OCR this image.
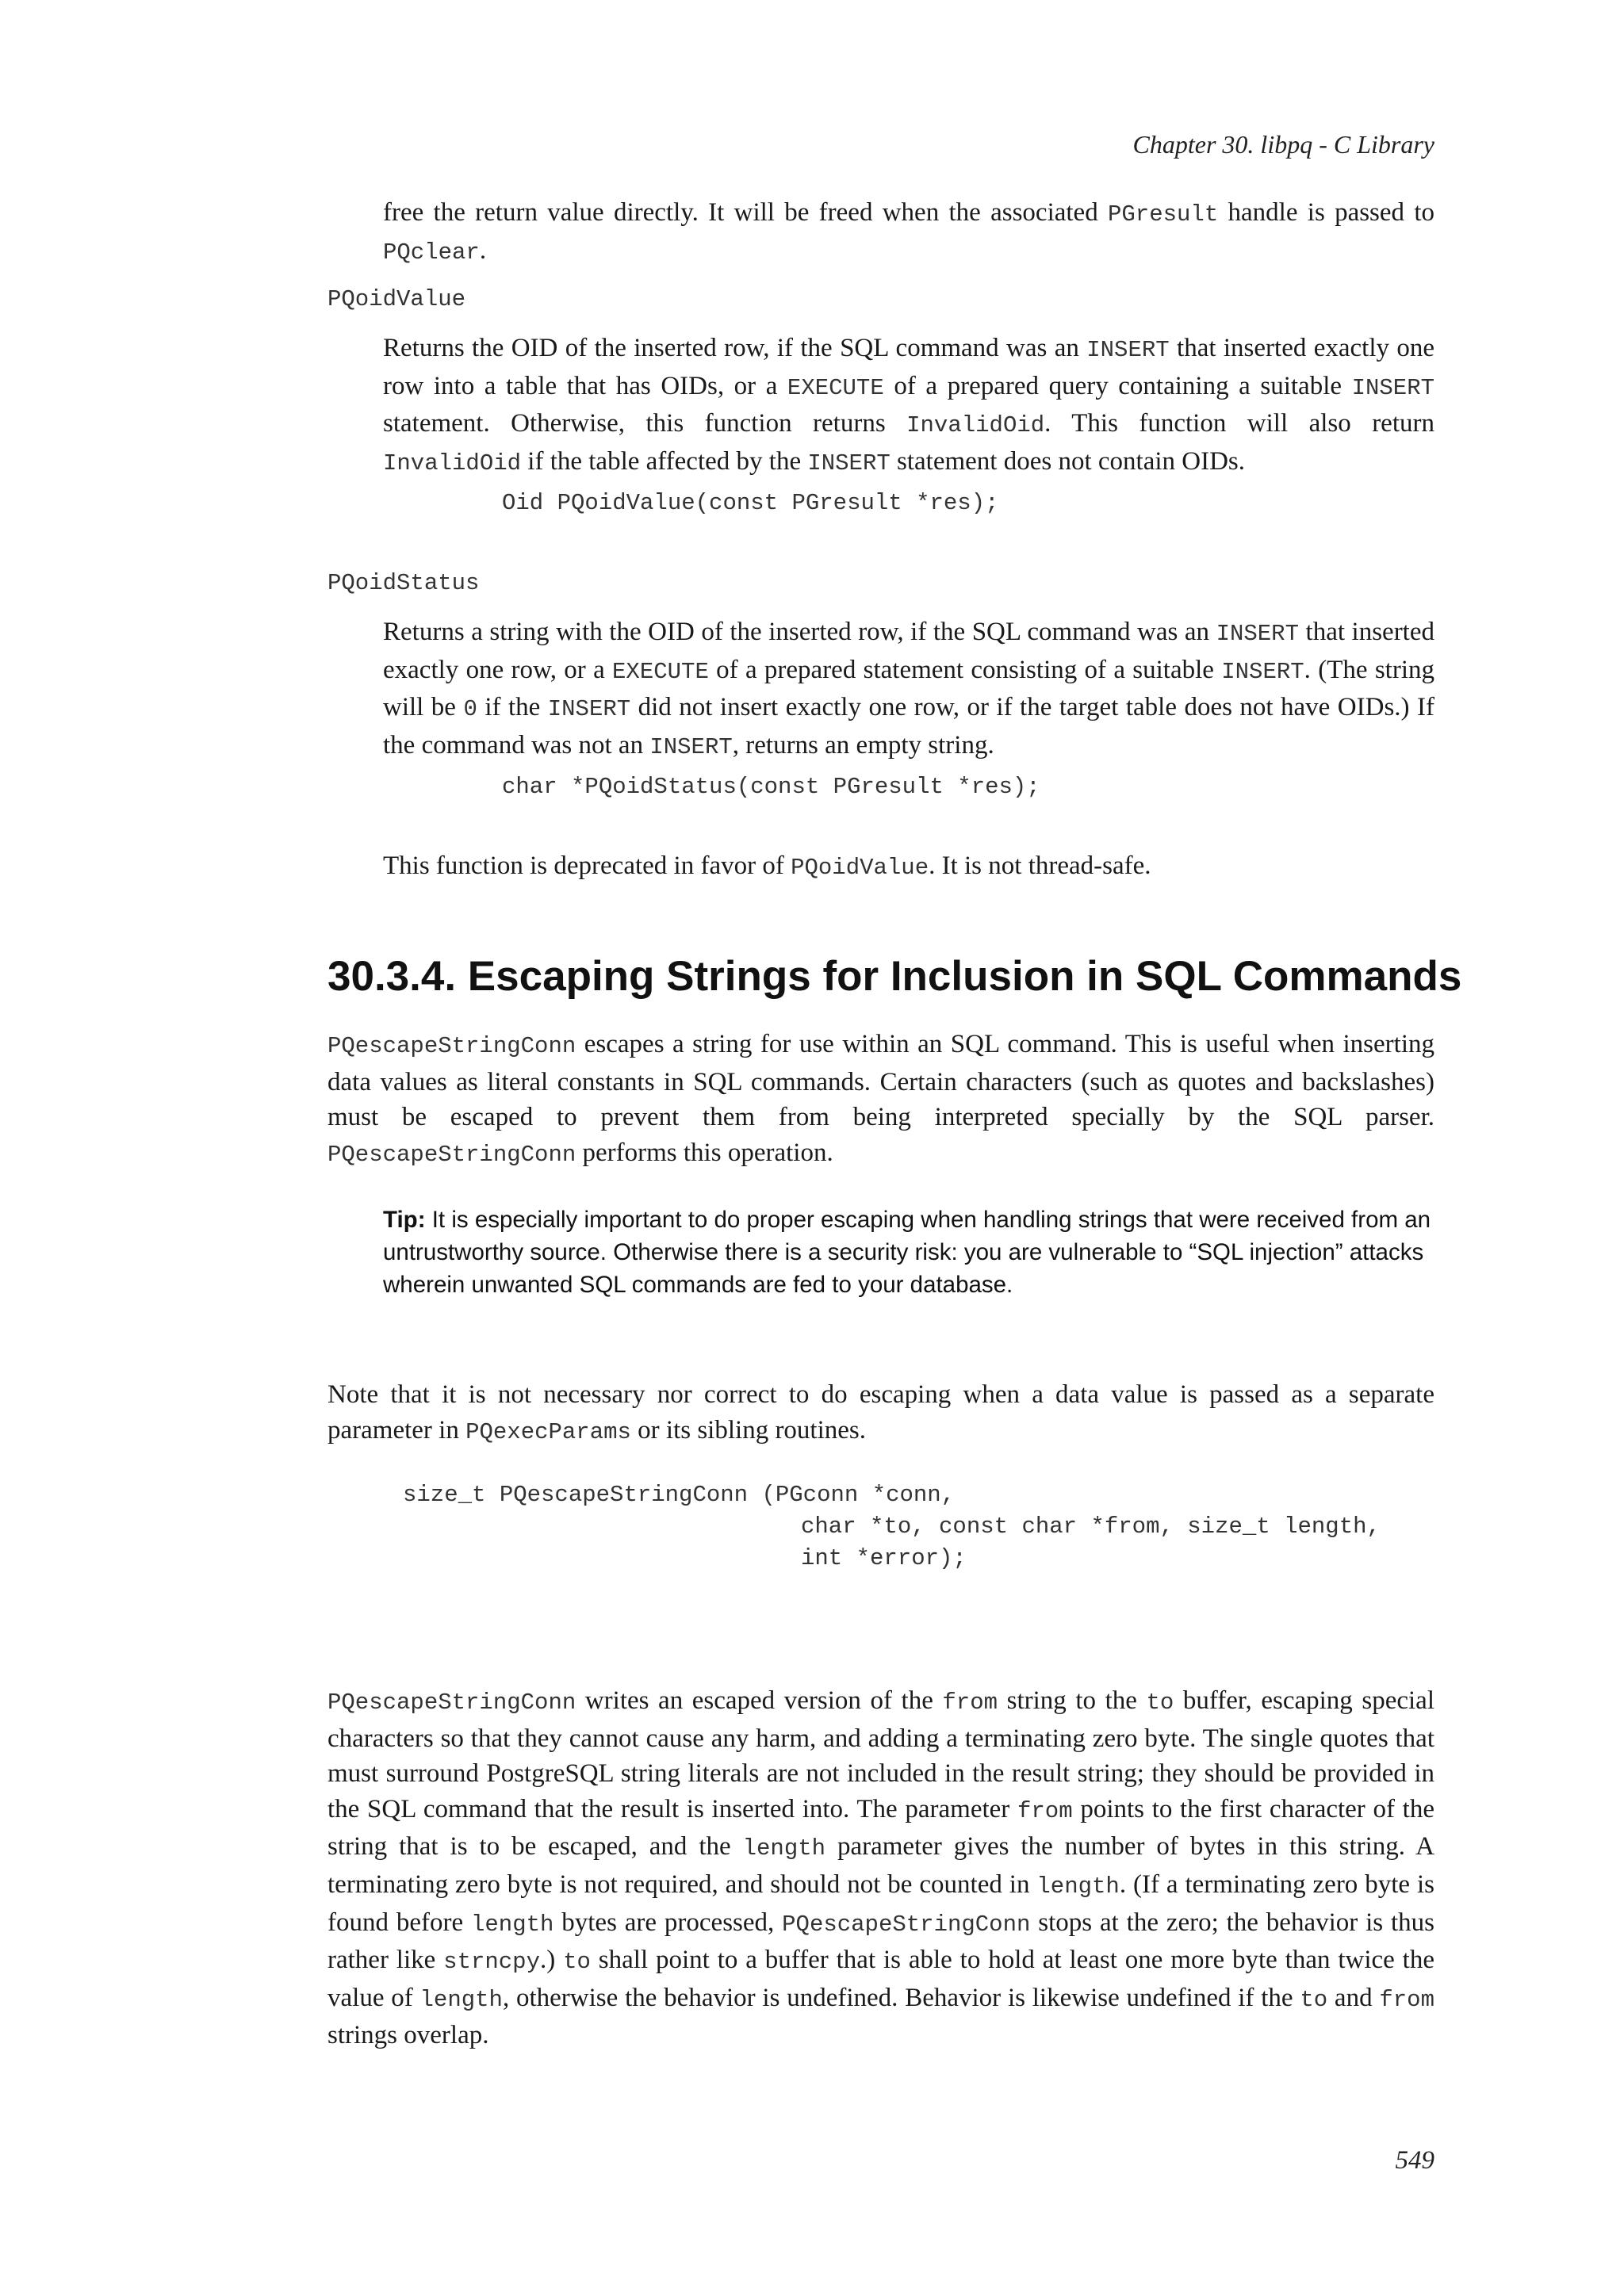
Chapter 30. libpq - C Library

free the return value directly. It will be freed when the associated PGresult handle is passed to PQclear.

PQoidValue

Returns the OID of the inserted row, if the SQL command was an INSERT that inserted exactly one row into a table that has OIDs, or a EXECUTE of a prepared query containing a suitable INSERT statement. Otherwise, this function returns InvalidOid. This function will also return InvalidOid if the table affected by the INSERT statement does not contain OIDs.

Oid PQoidValue(const PGresult *res);
PQoidStatus

Returns a string with the OID of the inserted row, if the SQL command was an INSERT that inserted exactly one row, or a EXECUTE of a prepared statement consisting of a suitable INSERT. (The string will be 0 if the INSERT did not insert exactly one row, or if the target table does not have OIDs.) If the command was not an INSERT, returns an empty string.

char *PQoidStatus(const PGresult *res);

This function is deprecated in favor of PQoidValue. It is not thread-safe.

30.3.4. Escaping Strings for Inclusion in SQL Commands

PQescapeStringConn escapes a string for use within an SQL command. This is useful when inserting data values as literal constants in SQL commands. Certain characters (such as quotes and backslashes) must be escaped to prevent them from being interpreted specially by the SQL parser. PQescapeStringConn performs this operation.

Tip: It is especially important to do proper escaping when handling strings that were received from an untrustworthy source. Otherwise there is a security risk: you are vulnerable to “SQL injection” attacks wherein unwanted SQL commands are fed to your database.

Note that it is not necessary nor correct to do escaping when a data value is passed as a separate parameter in PQexecParams or its sibling routines.

size_t PQescapeStringConn (PGconn *conn,
char *to, const char *from, size_t length,
int *error);

PQescapeStringConn writes an escaped version of the from string to the to buffer, escaping special characters so that they cannot cause any harm, and adding a terminating zero byte. The single quotes that must surround PostgreSQL string literals are not included in the result string; they should be provided in the SQL command that the result is inserted into. The parameter from points to the first character of the string that is to be escaped, and the length parameter gives the number of bytes in this string. A terminating zero byte is not required, and should not be counted in length. (If a terminating zero byte is found before length bytes are processed, PQescapeStringConn stops at the zero; the behavior is thus rather like strncpy.) to shall point to a buffer that is able to hold at least one more byte than twice the value of length, otherwise the behavior is undefined. Behavior is likewise undefined if the to and from strings overlap.

549
